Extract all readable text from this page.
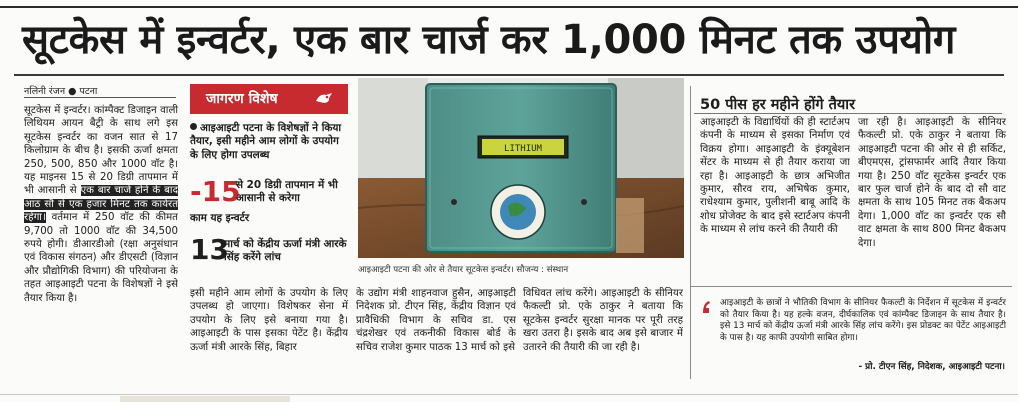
सूटकेस में इन्वर्टर, एक बार चार्ज कर 1,000 मिनट तक उपयोग
नलिनी रंजन ● पटना
सूटकेस में इन्वर्टर। कांम्पैक्ट डिजाइन वाली लिथियम आयन बैट्री के साथ लगे इस सूटकेस इन्वर्टर का वजन सात से 17 किलोग्राम के बीच है। इसकी ऊर्जा क्षमता 250, 500, 850 और 1000 वॉट है। यह माइनस 15 से 20 डिग्री तापमान में भी आसानी से एक बार चार्ज होने के बाद आठ सौ से एक हजार मिनट तक कार्यरत रहेगा। वर्तमान में 250 वॉट की कीमत 9,700 तो 1000 वॉट की 34,500 रुपये होगी। डीआरडीओ (रक्षा अनुसंधान एवं विकास संगठन) और डीएसटी (विज्ञान और प्रौद्योगिकी विभाग) की परियोजना के तहत आइआइटी पटना के विशेषज्ञों ने इसे तैयार किया है।
जागरण विशेष
आइआइटी पटना के विशेषज्ञों ने किया तैयार, इसी महीने आम लोगों के उपयोग के लिए होगा उपलब्ध
-15
से 20 डिग्री तापमान में भी आसानी से करेगा
काम यह इन्वर्टर
13
मार्च को केंद्रीय ऊर्जा मंत्री आरके सिंह करेंगे लांच
LITHIUM
आइआइटी पटना की ओर से तैयार सूटकेस इन्वर्टर। सौजन्य : संस्थान
50 पीस हर महीने होंगे तैयार
आइआइटी के विद्यार्थियों की ही स्टार्टअप कंपनी के माध्यम से इसका निर्माण एवं विक्रय होगा। आइआइटी के इंक्यूबेशन सेंटर के माध्यम से ही तैयार कराया जा रहा है। आइआइटी के छात्र अभिजीत कुमार, सौरव राय, अभिषेक कुमार, राधेश्याम कुमार, पुलीशनी बाबू आदि के शोध प्रोजेक्ट के बाद इसे स्टार्टअप कंपनी के माध्यम से लांच करने की तैयारी की
जा रही है। आइआइटी के सीनियर फैकल्टी प्रो. एके ठाकुर ने बताया कि आइआइटी पटना की ओर से ही सर्किट, बीएमएस, ट्रांसफार्मर आदि तैयार किया गया है। 250 वॉट सूटकेस इन्वर्टर एक बार फुल चार्ज होने के बाद दो सौ वाट क्षमता के साथ 105 मिनट तक बैकअप देगा। 1,000 वॉट का इन्वर्टर एक सौ वाट क्षमता के साथ 800 मिनट बैकअप देगा।
आइआइटी के छात्रों ने भौतिकी विभाग के सीनियर फैकल्टी के निर्देशन में सूटकेस में इन्वर्टर को तैयार किया है। यह हल्के वजन, दीर्घकालिक एवं कांम्पैक्ट डिजाइन के साथ तैयार है। इसे 13 मार्च को केंद्रीय ऊर्जा मंत्री आरके सिंह लांच करेंगे। इस प्रोडक्ट का पेटेंट आइआइटी के पास है। यह काफी उपयोगी साबित होगा।
- प्रो. टीएन सिंह, निदेशक, आइआइटी पटना।
इसी महीने आम लोगों के उपयोग के लिए उपलब्ध हो जाएगा। विशेषकर सेना में उपयोग के लिए इसे बनाया गया है। आइआइटी के पास इसका पेटेंट है। केंद्रीय ऊर्जा मंत्री आरके सिंह, बिहार
के उद्योग मंत्री शाहनवाज हुसैन, आइआइटी निदेशक प्रो. टीएन सिंह, केंद्रीय विज्ञान एवं प्रावैधिकी विभाग के सचिव डा. एस चंद्रशेखर एवं तकनीकी विकास बोर्ड के सचिव राजेश कुमार पाठक 13 मार्च को इसे
विधिवत लांच करेंगे। आइआइटी के सीनियर फैकल्टी प्रो. एके ठाकुर ने बताया कि सूटकेस इन्वर्टर सुरक्षा मानक पर पूरी तरह खरा उतरा है। इसके बाद अब इसे बाजार में उतारने की तैयारी की जा रही है।
